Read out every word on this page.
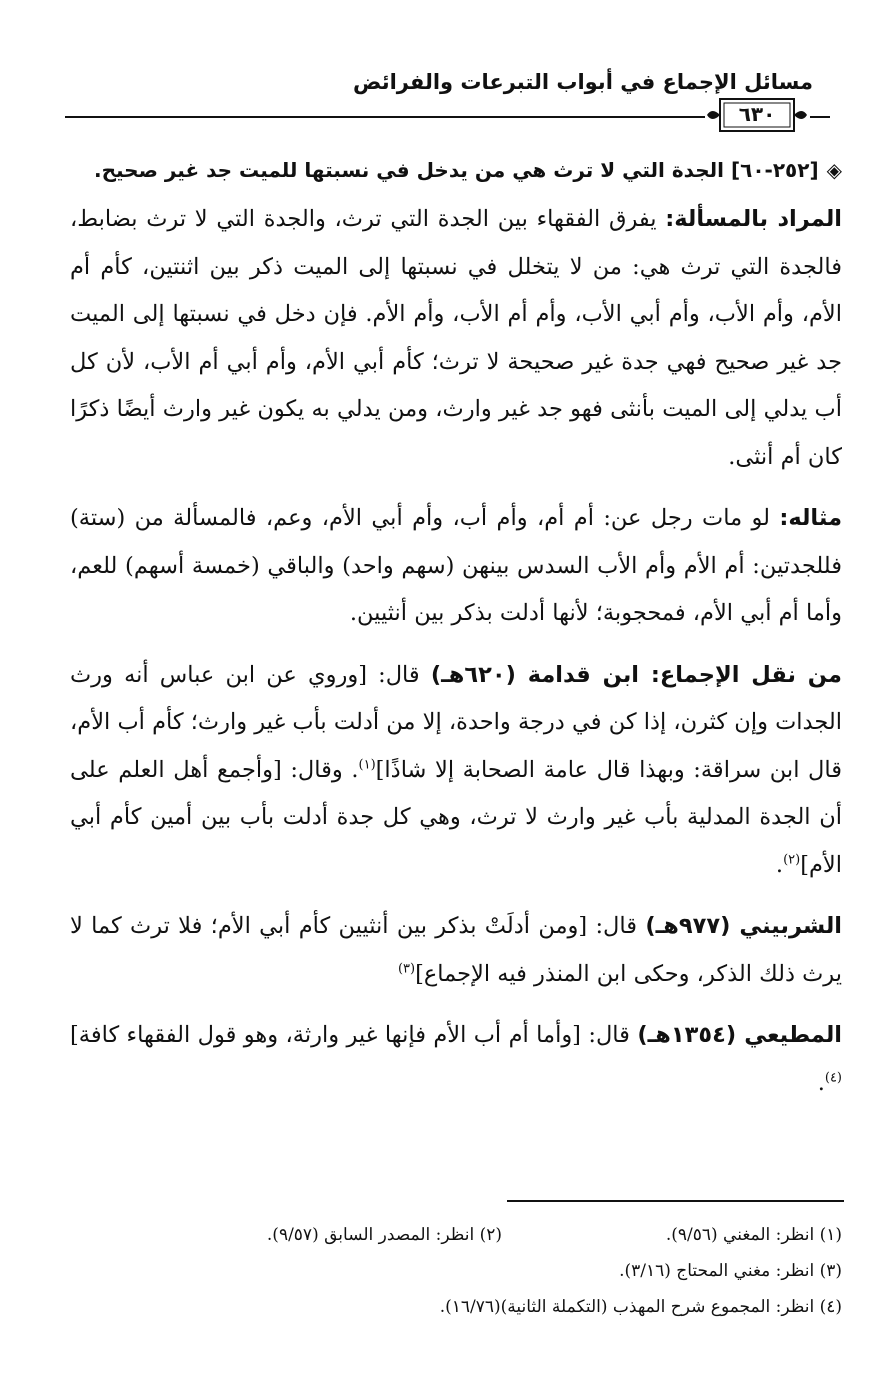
مسائل الإجماع في أبواب التبرعات والفرائض
٦٣٠

◈[٢٥٢-٦٠] الجدة التي لا ترث هي من يدخل في نسبتها للميت جد غير صحيح.

المراد بالمسألة: يفرق الفقهاء بين الجدة التي ترث، والجدة التي لا ترث بضابط، فالجدة التي ترث هي: من لا يتخلل في نسبتها إلى الميت ذكر بين اثنتين، كأم أم الأم، وأم الأب، وأم أبي الأب، وأم أم الأب، وأم الأم. فإن دخل في نسبتها إلى الميت جد غير صحيح فهي جدة غير صحيحة لا ترث؛ كأم أبي الأم، وأم أبي أم الأب، لأن كل أب يدلي إلى الميت بأنثى فهو جد غير وارث، ومن يدلي به يكون غير وارث أيضًا ذكرًا كان أم أنثى.

مثاله: لو مات رجل عن: أم أم، وأم أب، وأم أبي الأم، وعم، فالمسألة من (ستة) فللجدتين: أم الأم وأم الأب السدس بينهن (سهم واحد) والباقي (خمسة أسهم) للعم، وأما أم أبي الأم، فمحجوبة؛ لأنها أدلت بذكر بين أنثيين.

من نقل الإجماع: ابن قدامة (٦٢٠هـ) قال: [وروي عن ابن عباس أنه ورث الجدات وإن كثرن، إذا كن في درجة واحدة، إلا من أدلت بأب غير وارث؛ كأم أب الأم، قال ابن سراقة: وبهذا قال عامة الصحابة إلا شاذًا]$^{(١)}$. وقال: [وأجمع أهل العلم على أن الجدة المدلية بأب غير وارث لا ترث، وهي كل جدة أدلت بأب بين أمين كأم أبي الأم]$^{(٢)}$.

الشربيني (٩٧٧هـ) قال: [ومن أدلَتْ بذكر بين أنثيين كأم أبي الأم؛ فلا ترث كما لا يرث ذلك الذكر، وحكى ابن المنذر فيه الإجماع]$^{(٣)}$

المطيعي (١٣٥٤هـ) قال: [وأما أم أب الأم فإنها غير وارثة، وهو قول الفقهاء كافة]$^{(٤)}$.

(١) انظر: المغني (٩/٥٦).
(٢) انظر: المصدر السابق (٩/٥٧).
(٣) انظر: مغني المحتاج (٣/١٦).
(٤) انظر: المجموع شرح المهذب (التكملة الثانية)(١٦/٧٦).
